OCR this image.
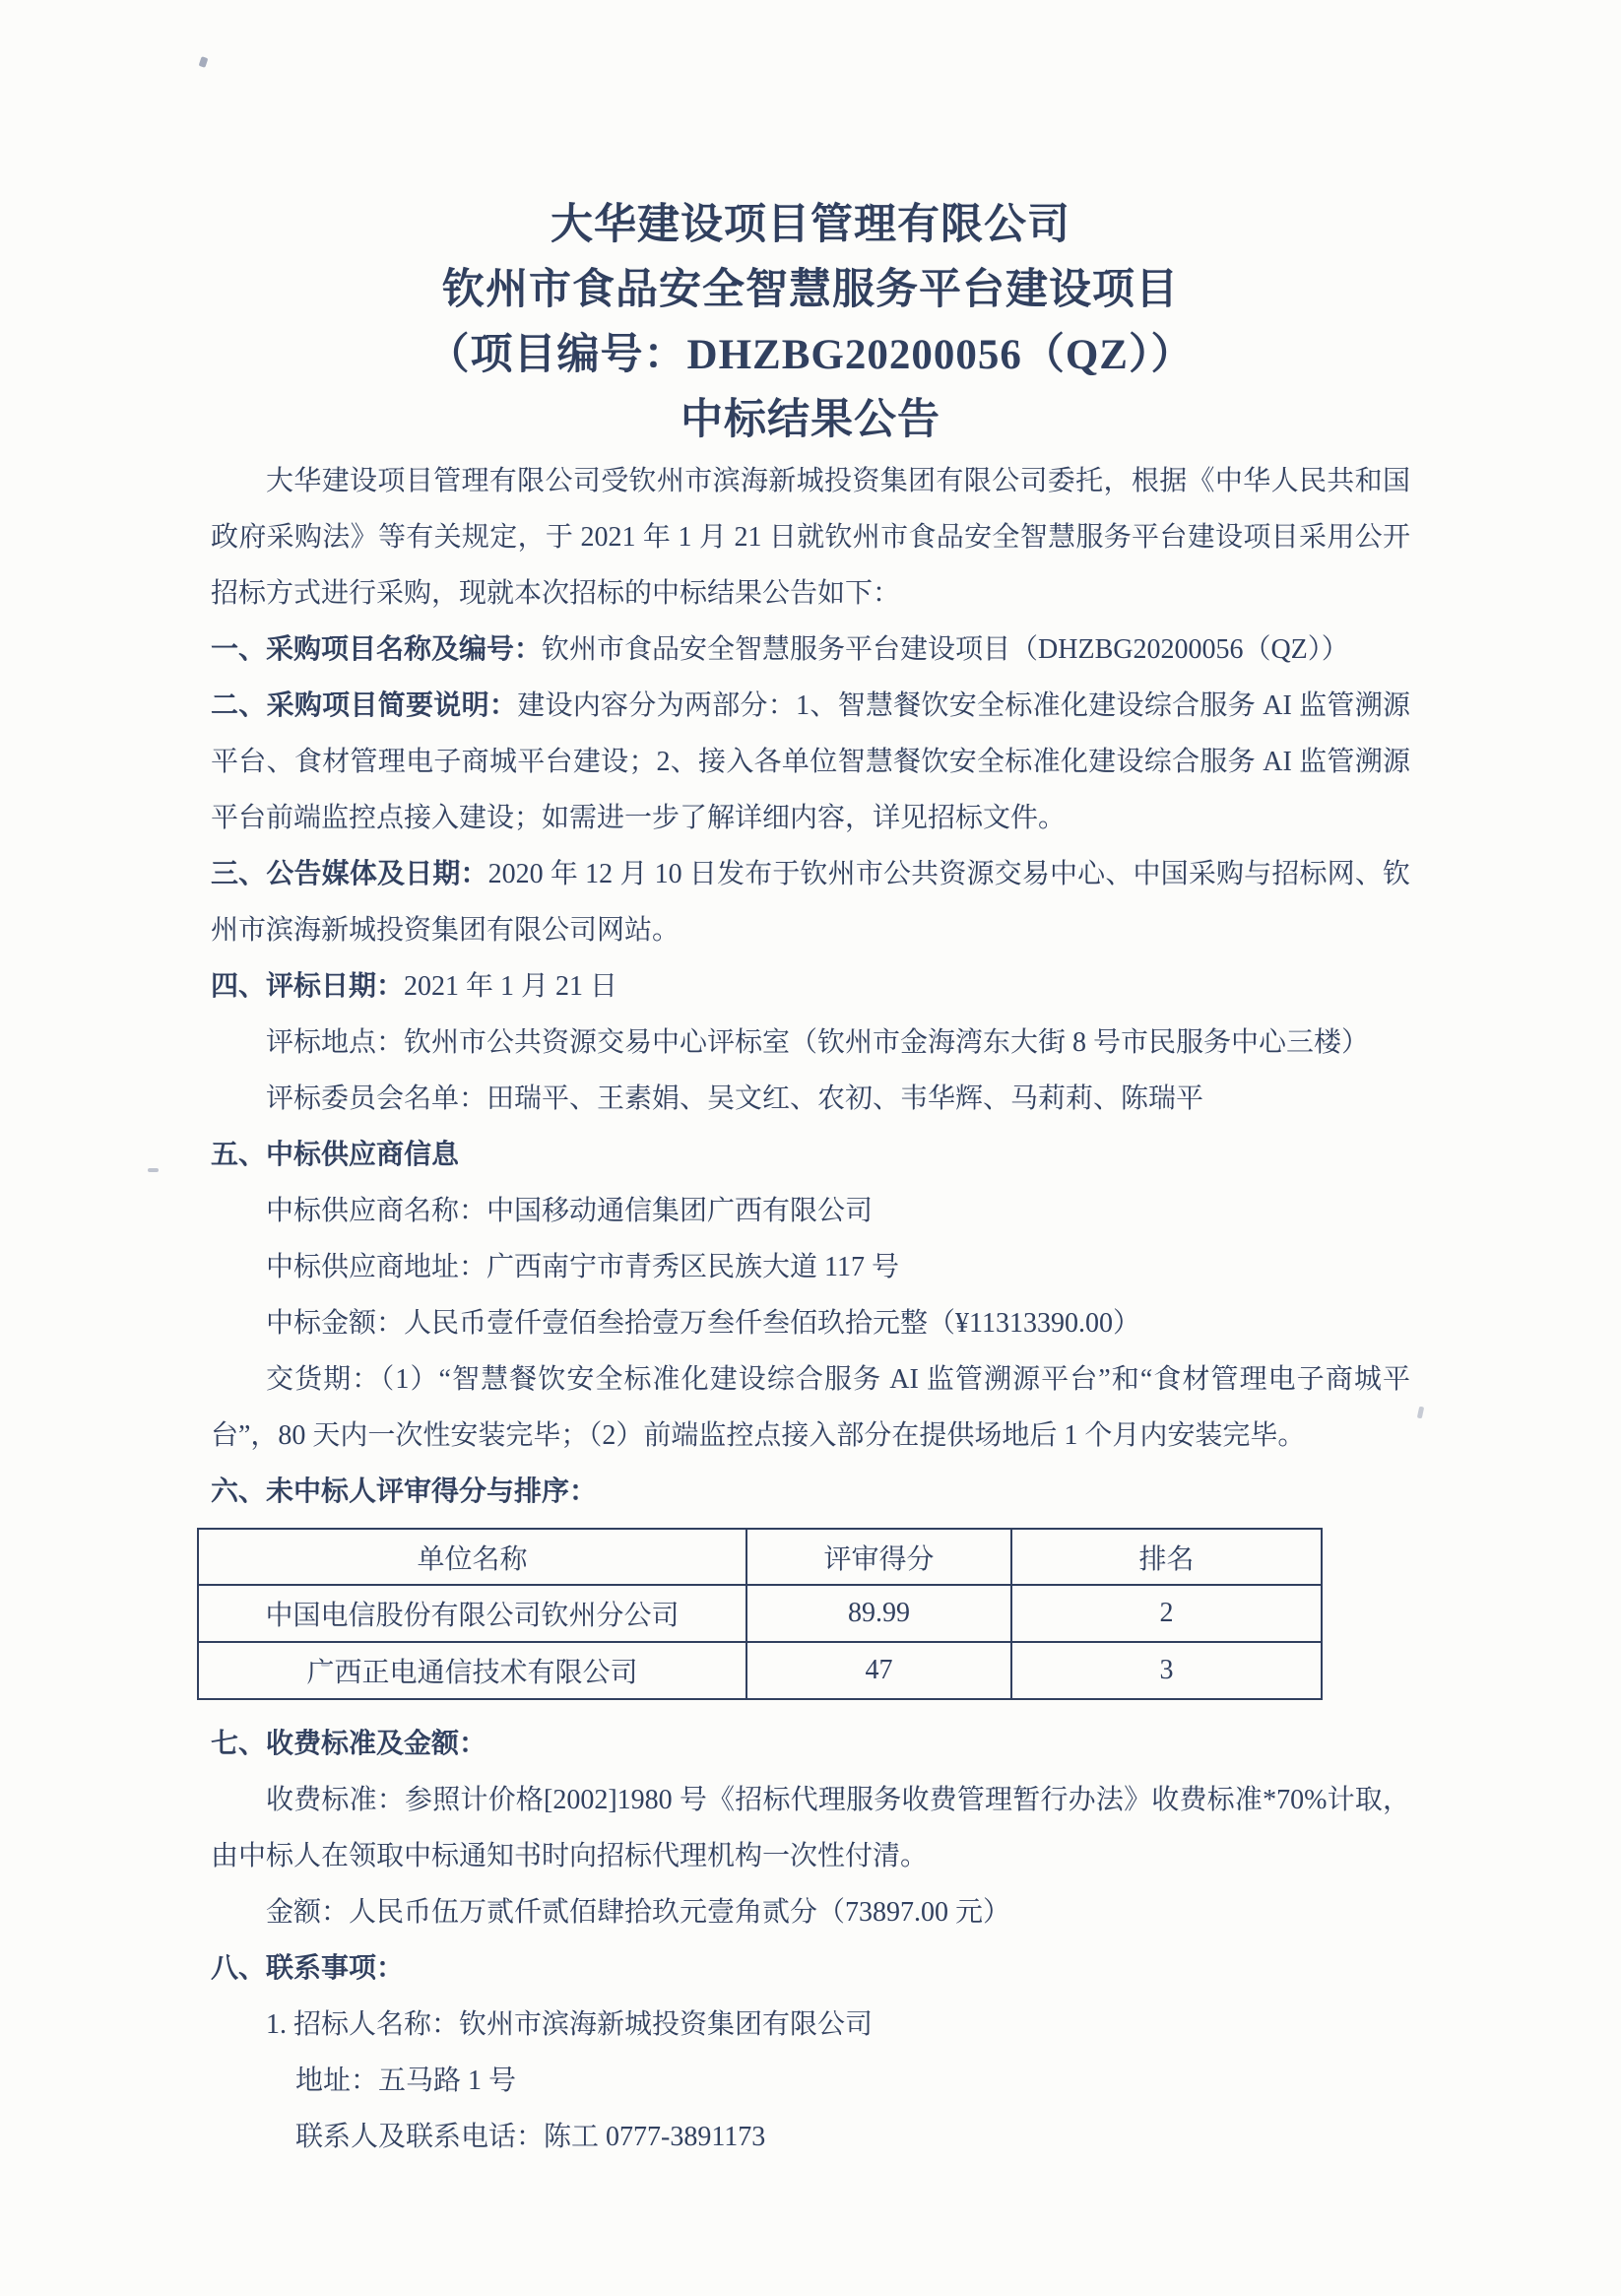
大华建设项目管理有限公司
钦州市食品安全智慧服务平台建设项目
（项目编号：DHZBG20200056（QZ））
中标结果公告

大华建设项目管理有限公司受钦州市滨海新城投资集团有限公司委托，根据《中华人民共和国政府采购法》等有关规定，于 2021 年 1 月 21 日就钦州市食品安全智慧服务平台建设项目采用公开招标方式进行采购，现就本次招标的中标结果公告如下：

一、采购项目名称及编号：钦州市食品安全智慧服务平台建设项目（DHZBG20200056（QZ））

二、采购项目简要说明：建设内容分为两部分：1、智慧餐饮安全标准化建设综合服务 AI 监管溯源平台、食材管理电子商城平台建设；2、接入各单位智慧餐饮安全标准化建设综合服务 AI 监管溯源平台前端监控点接入建设；如需进一步了解详细内容，详见招标文件。

三、公告媒体及日期：2020 年 12 月 10 日发布于钦州市公共资源交易中心、中国采购与招标网、钦州市滨海新城投资集团有限公司网站。

四、评标日期：2021 年 1 月 21 日

评标地点：钦州市公共资源交易中心评标室（钦州市金海湾东大街 8 号市民服务中心三楼）

评标委员会名单：田瑞平、王素娟、吴文红、农初、韦华辉、马莉莉、陈瑞平

五、中标供应商信息

中标供应商名称：中国移动通信集团广西有限公司

中标供应商地址：广西南宁市青秀区民族大道 117 号

中标金额：人民币壹仟壹佰叁拾壹万叁仟叁佰玖拾元整（¥11313390.00）

交货期：（1）“智慧餐饮安全标准化建设综合服务 AI 监管溯源平台”和“食材管理电子商城平台”，80 天内一次性安装完毕；（2）前端监控点接入部分在提供场地后 1 个月内安装完毕。

六、未中标人评审得分与排序：

单位名称	评审得分	排名
中国电信股份有限公司钦州分公司	89.99	2
广西正电通信技术有限公司	47	3

七、收费标准及金额：

收费标准：参照计价格[2002]1980 号《招标代理服务收费管理暂行办法》收费标准*70%计取，由中标人在领取中标通知书时向招标代理机构一次性付清。

金额：人民币伍万贰仟贰佰肆拾玖元壹角贰分（73897.00 元）

八、联系事项：

1. 招标人名称：钦州市滨海新城投资集团有限公司

地址：五马路 1 号

联系人及联系电话：陈工 0777-3891173
